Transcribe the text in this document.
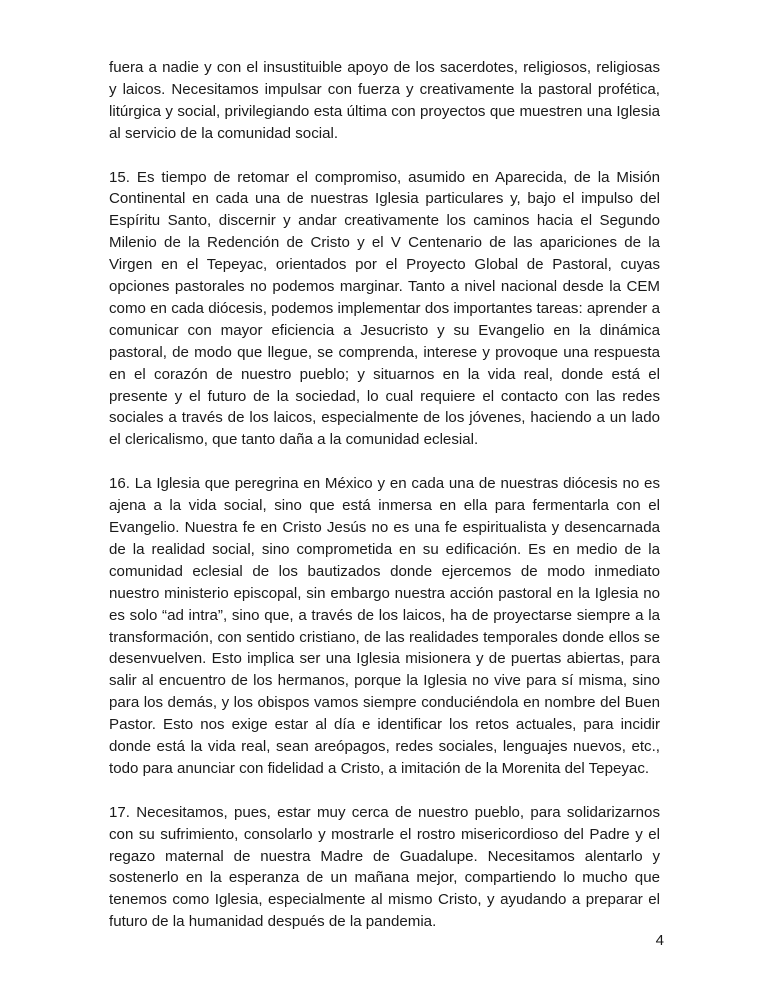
fuera a nadie y con el insustituible apoyo de los sacerdotes, religiosos, religiosas y laicos. Necesitamos impulsar con fuerza y creativamente la pastoral profética, litúrgica y social, privilegiando esta última con proyectos que muestren una Iglesia al servicio de la comunidad social.

15. Es tiempo de retomar el compromiso, asumido en Aparecida, de la Misión Continental en cada una de nuestras Iglesia particulares y, bajo el impulso del Espíritu Santo, discernir y andar creativamente los caminos hacia el Segundo Milenio de la Redención de Cristo y el V Centenario de las apariciones de la Virgen en el Tepeyac, orientados por el Proyecto Global de Pastoral, cuyas opciones pastorales no podemos marginar. Tanto a nivel nacional desde la CEM como en cada diócesis, podemos implementar dos importantes tareas: aprender a comunicar con mayor eficiencia a Jesucristo y su Evangelio en la dinámica pastoral, de modo que llegue, se comprenda, interese y provoque una respuesta en el corazón de nuestro pueblo; y situarnos en la vida real, donde está el presente y el futuro de la sociedad, lo cual requiere el contacto con las redes sociales a través de los laicos, especialmente de los jóvenes, haciendo a un lado el clericalismo, que tanto daña a la comunidad eclesial.

16. La Iglesia que peregrina en México y en cada una de nuestras diócesis no es ajena a la vida social, sino que está inmersa en ella para fermentarla con el Evangelio. Nuestra fe en Cristo Jesús no es una fe espiritualista y desencarnada de la realidad social, sino comprometida en su edificación. Es en medio de la comunidad eclesial de los bautizados donde ejercemos de modo inmediato nuestro ministerio episcopal, sin embargo nuestra acción pastoral en la Iglesia no es solo “ad intra”, sino que, a través de los laicos, ha de proyectarse siempre a la transformación, con sentido cristiano, de las realidades temporales donde ellos se desenvuelven. Esto implica ser una Iglesia misionera y de puertas abiertas, para salir al encuentro de los hermanos, porque la Iglesia no vive para sí misma, sino para los demás, y los obispos vamos siempre conduciéndola en nombre del Buen Pastor. Esto nos exige estar al día e identificar los retos actuales, para incidir donde está la vida real, sean areópagos, redes sociales, lenguajes nuevos, etc., todo para anunciar con fidelidad a Cristo, a imitación de la Morenita del Tepeyac.

17. Necesitamos, pues, estar muy cerca de nuestro pueblo, para solidarizarnos con su sufrimiento, consolarlo y mostrarle el rostro misericordioso del Padre y el regazo maternal de nuestra Madre de Guadalupe. Necesitamos alentarlo y sostenerlo en la esperanza de un mañana mejor, compartiendo lo mucho que tenemos como Iglesia, especialmente al mismo Cristo, y ayudando a preparar el futuro de la humanidad después de la pandemia.

4
